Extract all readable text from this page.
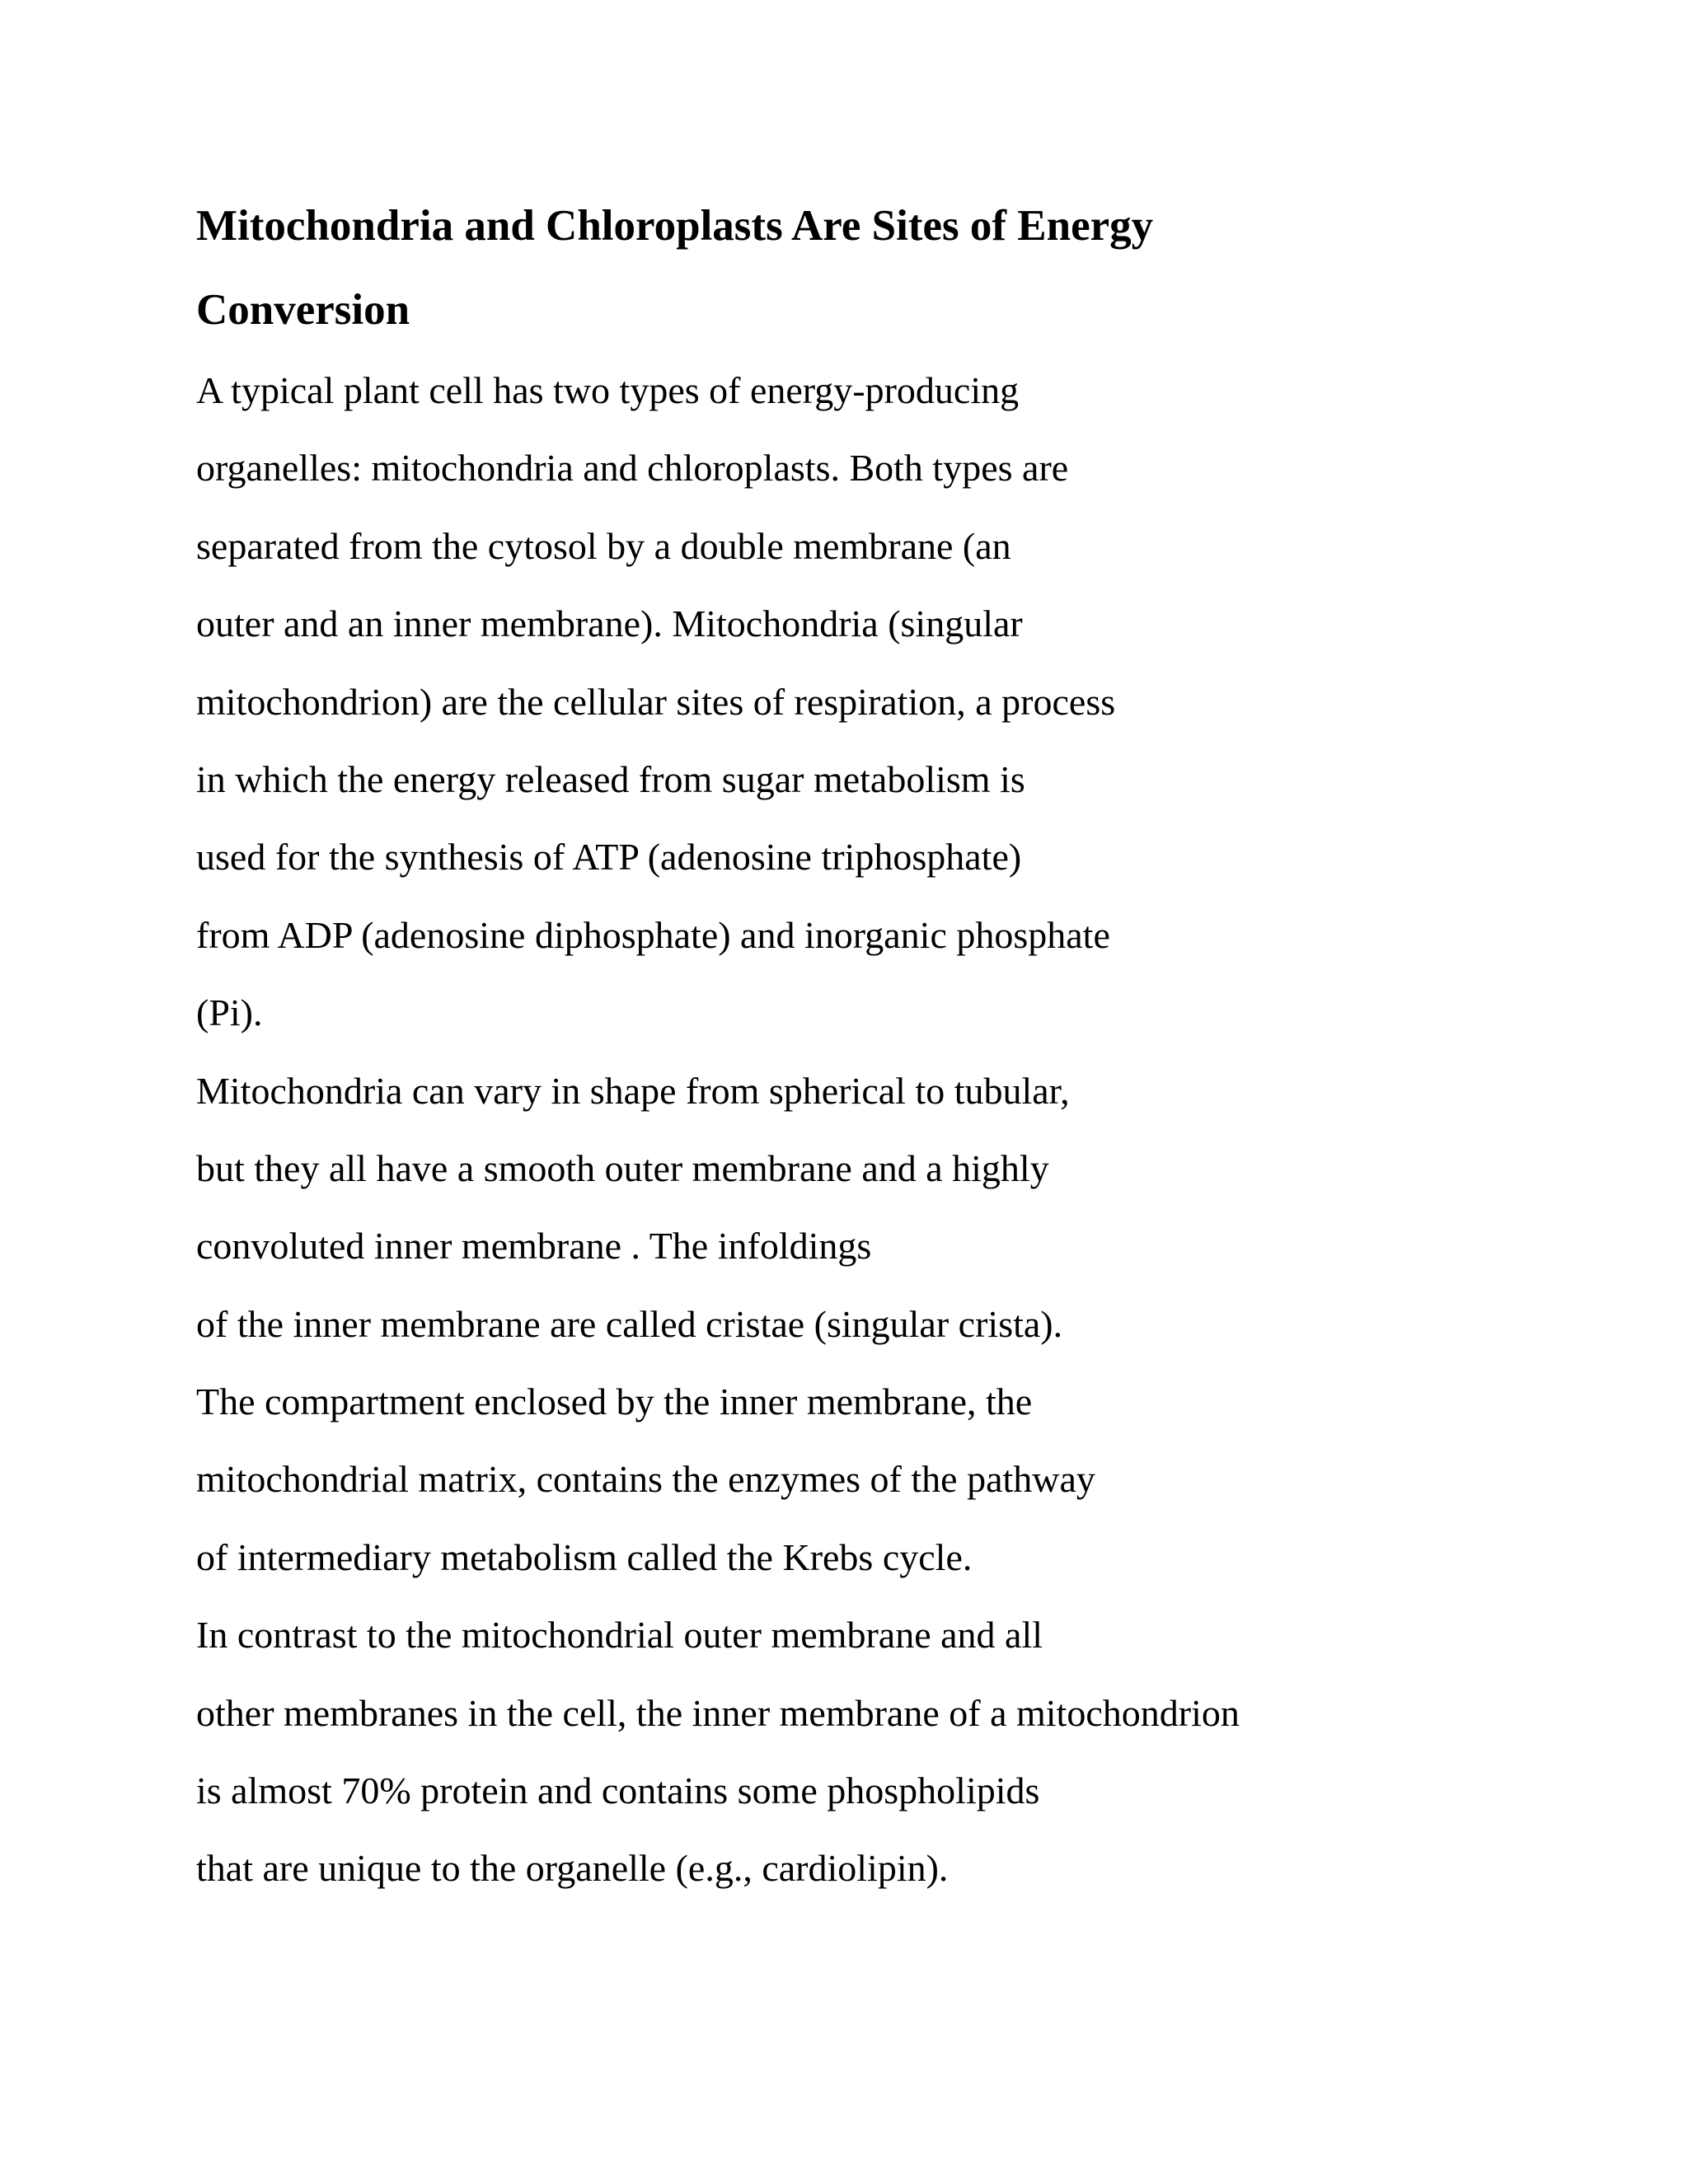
Mitochondria and Chloroplasts Are Sites of Energy
Conversion
A typical plant cell has two types of energy-producing
organelles: mitochondria and chloroplasts. Both types are
separated from the cytosol by a double membrane (an
outer and an inner membrane). Mitochondria (singular
mitochondrion) are the cellular sites of respiration, a process
in which the energy released from sugar metabolism is
used for the synthesis of ATP (adenosine triphosphate)
from ADP (adenosine diphosphate) and inorganic phosphate
(Pi).
Mitochondria can vary in shape from spherical to tubular,
but they all have a smooth outer membrane and a highly
convoluted inner membrane . The infoldings
of the inner membrane are called cristae (singular crista).
The compartment enclosed by the inner membrane, the
mitochondrial matrix, contains the enzymes of the pathway
of intermediary metabolism called the Krebs cycle.
In contrast to the mitochondrial outer membrane and all
other membranes in the cell, the inner membrane of a mitochondrion
is almost 70% protein and contains some phospholipids
that are unique to the organelle (e.g., cardiolipin).
